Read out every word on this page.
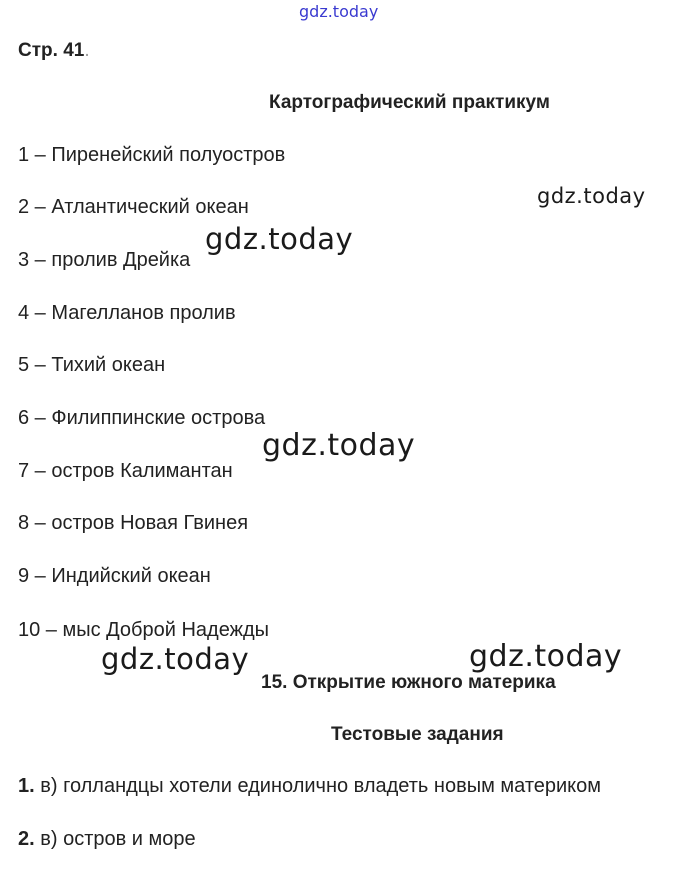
gdz.today
gdz.today
gdz.today
gdz.today
gdz.today	gdz.today
Стр. 41.
Картографический практикум
1 – Пиренейский полуостров
2 – Атлантический океан
3 – пролив Дрейка
4 – Магелланов пролив
5 – Тихий океан
6 – Филиппинские острова
7 – остров Калимантан
8 – остров Новая Гвинея
9 – Индийский океан
10 – мыс Доброй Надежды
15. Открытие южного материка
Тестовые задания
1. в) голландцы хотели единолично владеть новым материком
2. в) остров и море
